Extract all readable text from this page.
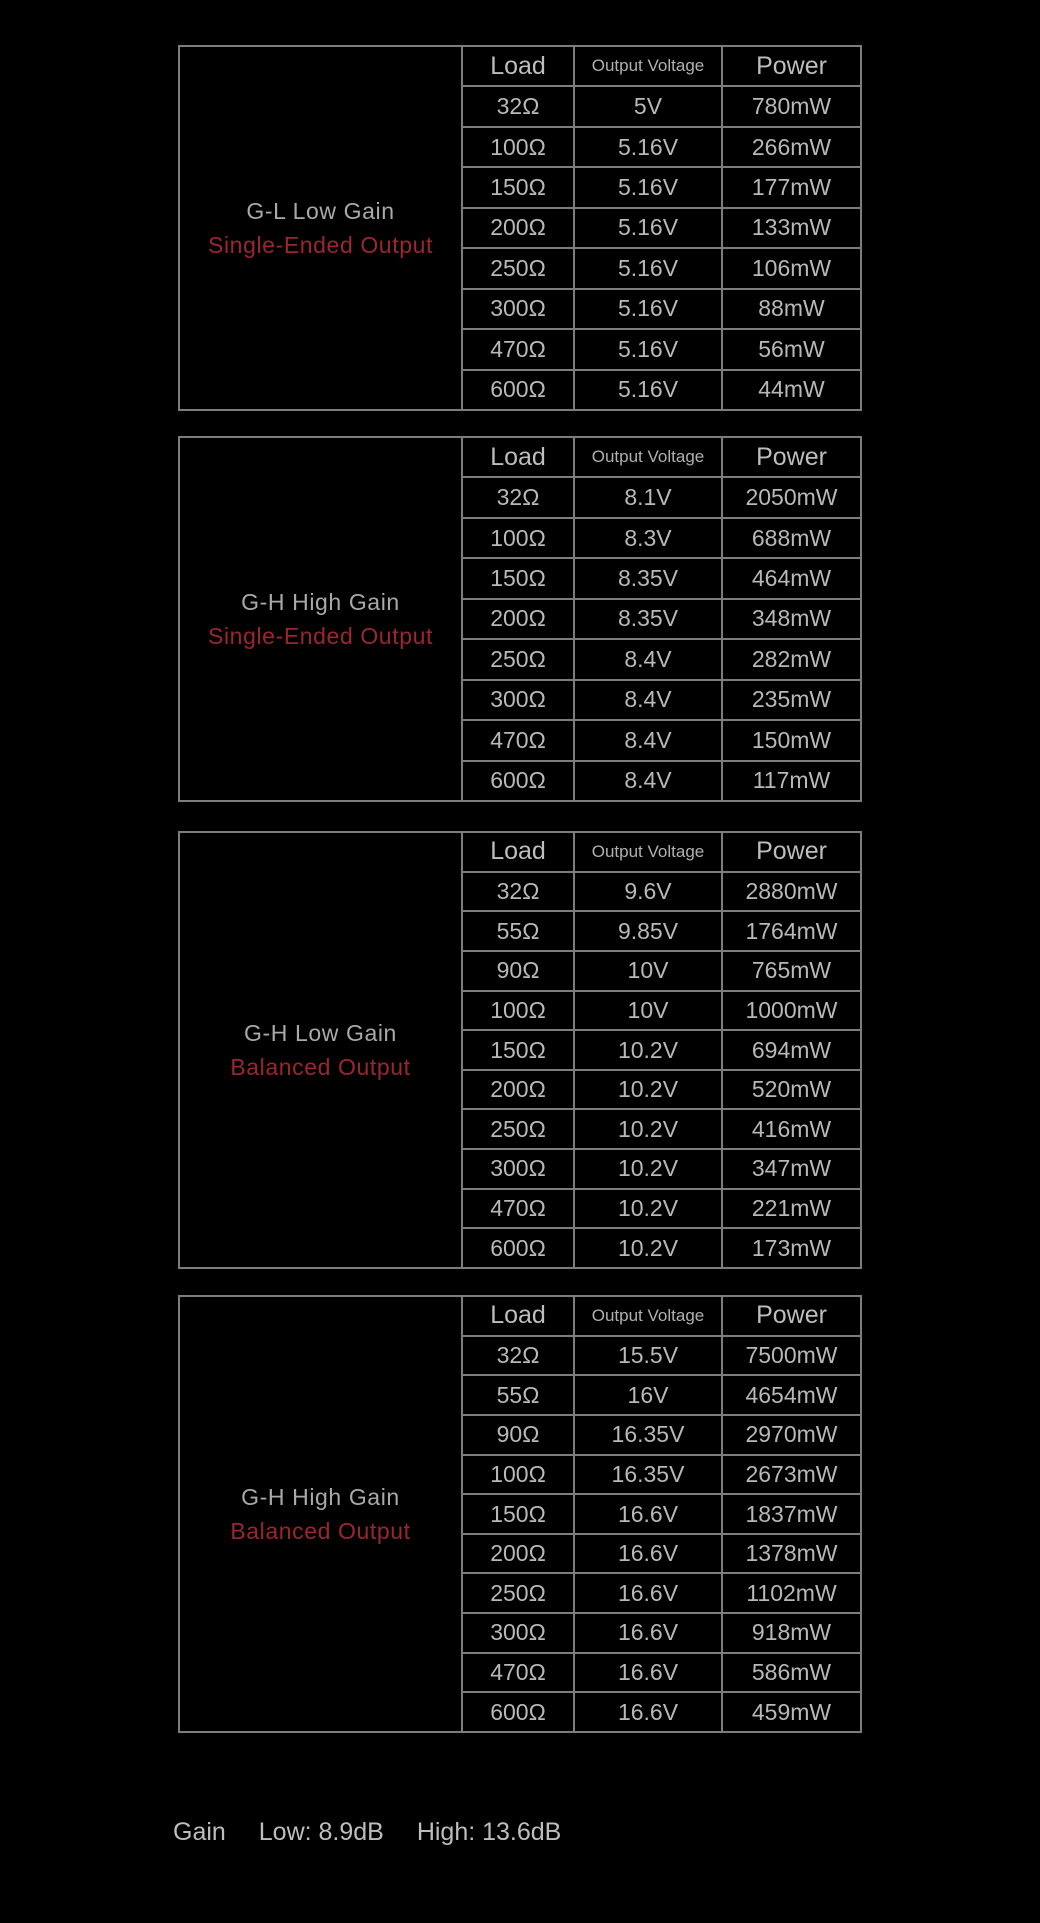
G-L Low Gain
Single-Ended Output
Load	Output Voltage	Power
32Ω	5V	780mW
100Ω	5.16V	266mW
150Ω	5.16V	177mW
200Ω	5.16V	133mW
250Ω	5.16V	106mW
300Ω	5.16V	88mW
470Ω	5.16V	56mW
600Ω	5.16V	44mW
G-H High Gain
Single-Ended Output
Load	Output Voltage	Power
32Ω	8.1V	2050mW
100Ω	8.3V	688mW
150Ω	8.35V	464mW
200Ω	8.35V	348mW
250Ω	8.4V	282mW
300Ω	8.4V	235mW
470Ω	8.4V	150mW
600Ω	8.4V	117mW
G-H Low Gain
Balanced Output
Load	Output Voltage	Power
32Ω	9.6V	2880mW
55Ω	9.85V	1764mW
90Ω	10V	765mW
100Ω	10V	1000mW
150Ω	10.2V	694mW
200Ω	10.2V	520mW
250Ω	10.2V	416mW
300Ω	10.2V	347mW
470Ω	10.2V	221mW
600Ω	10.2V	173mW
G-H High Gain
Balanced Output
Load	Output Voltage	Power
32Ω	15.5V	7500mW
55Ω	16V	4654mW
90Ω	16.35V	2970mW
100Ω	16.35V	2673mW
150Ω	16.6V	1837mW
200Ω	16.6V	1378mW
250Ω	16.6V	1102mW
300Ω	16.6V	918mW
470Ω	16.6V	586mW
600Ω	16.6V	459mW
Gain Low: 8.9dB High: 13.6dB
